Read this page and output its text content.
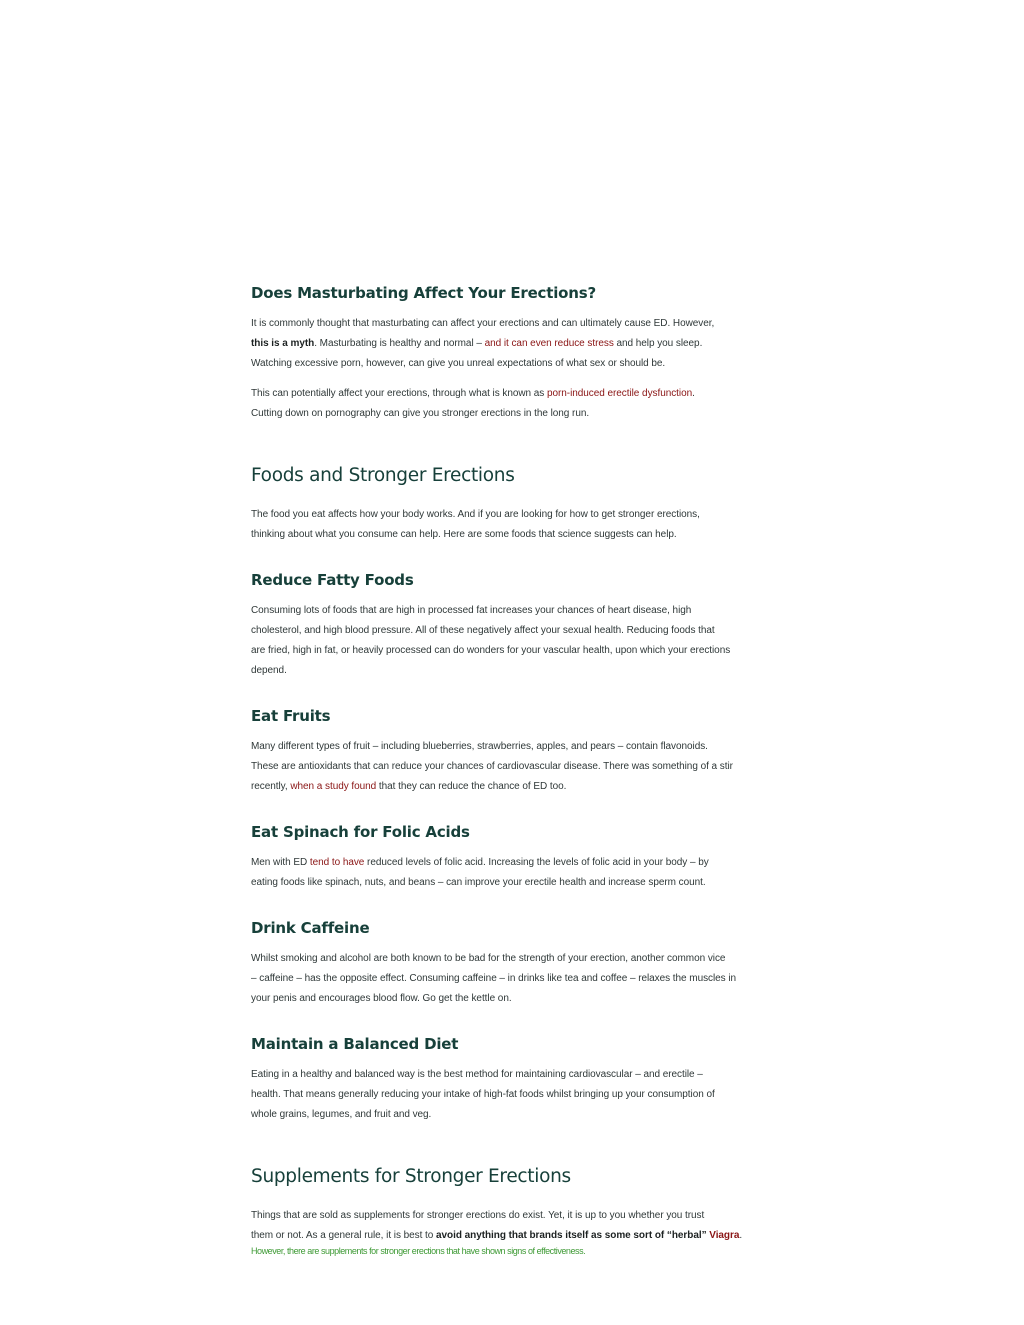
Does Masturbating Affect Your Erections?

It is commonly thought that masturbating can affect your erections and can ultimately cause ED. However,
this is a myth. Masturbating is healthy and normal – and it can even reduce stress and help you sleep.
Watching excessive porn, however, can give you unreal expectations of what sex or should be.

This can potentially affect your erections, through what is known as porn-induced erectile dysfunction.
Cutting down on pornography can give you stronger erections in the long run.

Foods and Stronger Erections

The food you eat affects how your body works. And if you are looking for how to get stronger erections,
thinking about what you consume can help. Here are some foods that science suggests can help.

Reduce Fatty Foods

Consuming lots of foods that are high in processed fat increases your chances of heart disease, high
cholesterol, and high blood pressure. All of these negatively affect your sexual health. Reducing foods that
are fried, high in fat, or heavily processed can do wonders for your vascular health, upon which your erections
depend.

Eat Fruits

Many different types of fruit – including blueberries, strawberries, apples, and pears – contain flavonoids.
These are antioxidants that can reduce your chances of cardiovascular disease. There was something of a stir
recently, when a study found that they can reduce the chance of ED too.

Eat Spinach for Folic Acids

Men with ED tend to have reduced levels of folic acid. Increasing the levels of folic acid in your body – by
eating foods like spinach, nuts, and beans – can improve your erectile health and increase sperm count.

Drink Caffeine

Whilst smoking and alcohol are both known to be bad for the strength of your erection, another common vice
– caffeine – has the opposite effect. Consuming caffeine – in drinks like tea and coffee – relaxes the muscles in
your penis and encourages blood flow. Go get the kettle on.

Maintain a Balanced Diet

Eating in a healthy and balanced way is the best method for maintaining cardiovascular – and erectile –
health. That means generally reducing your intake of high-fat foods whilst bringing up your consumption of
whole grains, legumes, and fruit and veg.

Supplements for Stronger Erections

Things that are sold as supplements for stronger erections do exist. Yet, it is up to you whether you trust
them or not. As a general rule, it is best to avoid anything that brands itself as some sort of “herbal” Viagra.

However, there are supplements for stronger erections that have shown signs of effectiveness.
